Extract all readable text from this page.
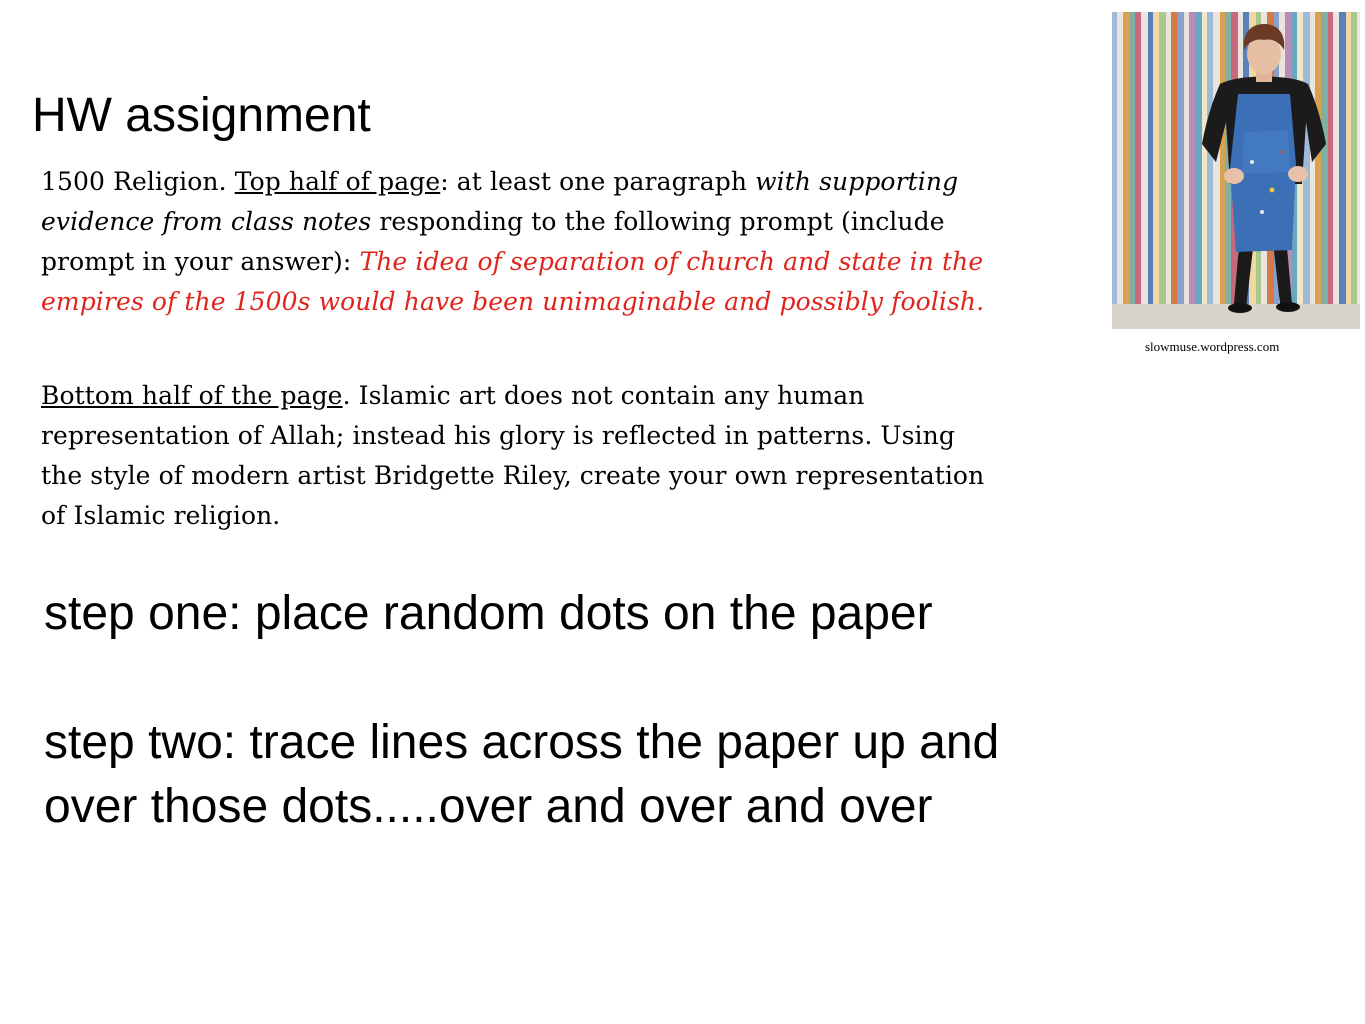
HW assignment

1500 Religion. Top half of page: at least one paragraph with supporting evidence from class notes responding to the following prompt (include prompt in your answer): The idea of separation of church and state in the empires of the 1500s would have been unimaginable and possibly foolish.

Bottom half of the page. Islamic art does not contain any human representation of Allah; instead his glory is reflected in patterns. Using the style of modern artist Bridgette Riley, create your own representation of Islamic religion.

step one: place random dots on the paper

step two: trace lines across the paper up and
over those dots.....over and over and over

slowmuse.wordpress.com
